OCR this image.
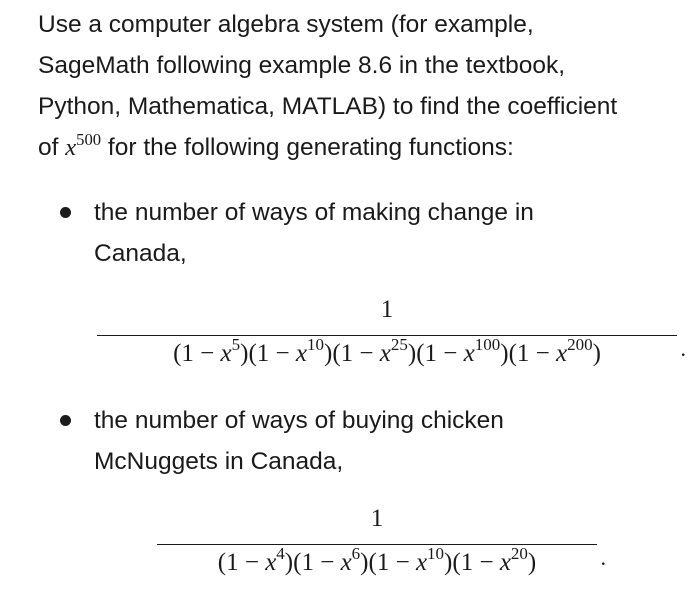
Use a computer algebra system (for example,
SageMath following example 8.6 in the textbook,
Python, Mathematica, MATLAB) to find the coefficient
of $x^{500}$ for the following generating functions:
the number of ways of making change in
Canada,
1
$(1 - x^5)(1 - x^{10})(1 - x^{25})(1 - x^{100})(1 - x^{200})$	.
the number of ways of buying chicken
McNuggets in Canada,
1
$(1 - x^4)(1 - x^6)(1 - x^{10})(1 - x^{20})$	.
